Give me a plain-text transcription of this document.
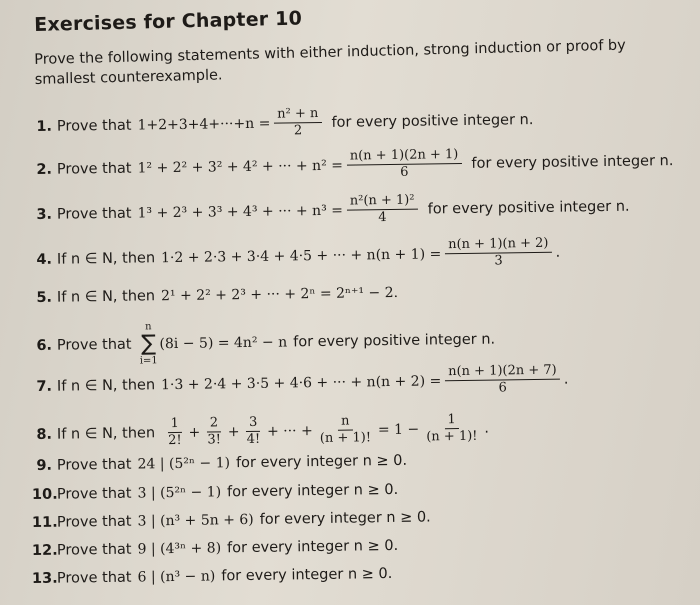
Exercises for Chapter 10
Prove the following statements with either induction, strong induction or proof by smallest counterexample.
1. Prove that $1+2+3+4+\cdot\cdot\cdot+n = \frac{\text{n² + n}}{2}$ for every positive integer n.
2. Prove that 1² + 2² + 3² + 4² + ··· + $n^2 = \frac{n(n + 1)(2n + 1)}{6}$ for every positive integer n.
3. Prove that 1³ + 2³ + 3³ + 4³ + ··· + $n^3 = \frac{\text{n²(n + 1)²}}{4}$ for every positive integer n.
4. If n ∈ N, then 1·2 + 2·3 + 3·4 + 4·5 + ··· + $n(n + 1) = \frac{n(n + 1)(n + 2)}{3}$ .
5. If n ∈ N, then 2¹ + 2² + 2³ + ··· + 2ⁿ = 2ⁿ⁺¹ − 2.
6. Prove that
n
∑
i=1
(8i − 5) = 4n² − n for every positive integer n.
7. If n ∈ N, then 1·3 + 2·4 + 3·5 + 4·6 + ··· + $n(n + 2) = \frac{n(n + 1)(2n + 7)}{6}$ .
8. If n ∈ N, then $\frac{1}{2!} + \frac{2}{3!} + \frac{3}{4!}$ + ··· + $\frac{n}{(n + 1)!} = 1 - \frac{1}{(n + 1)!}$ .
9. Prove that 24 | (5²ⁿ − 1) for every integer n ≥ 0.
10. Prove that 3 | (5²ⁿ − 1) for every integer n ≥ 0.
11. Prove that 3 | (n³ + 5n + 6) for every integer n ≥ 0.
12. Prove that 9 | (4³ⁿ + 8) for every integer n ≥ 0.
13. Prove that 6 | (n³ − n) for every integer n ≥ 0.
